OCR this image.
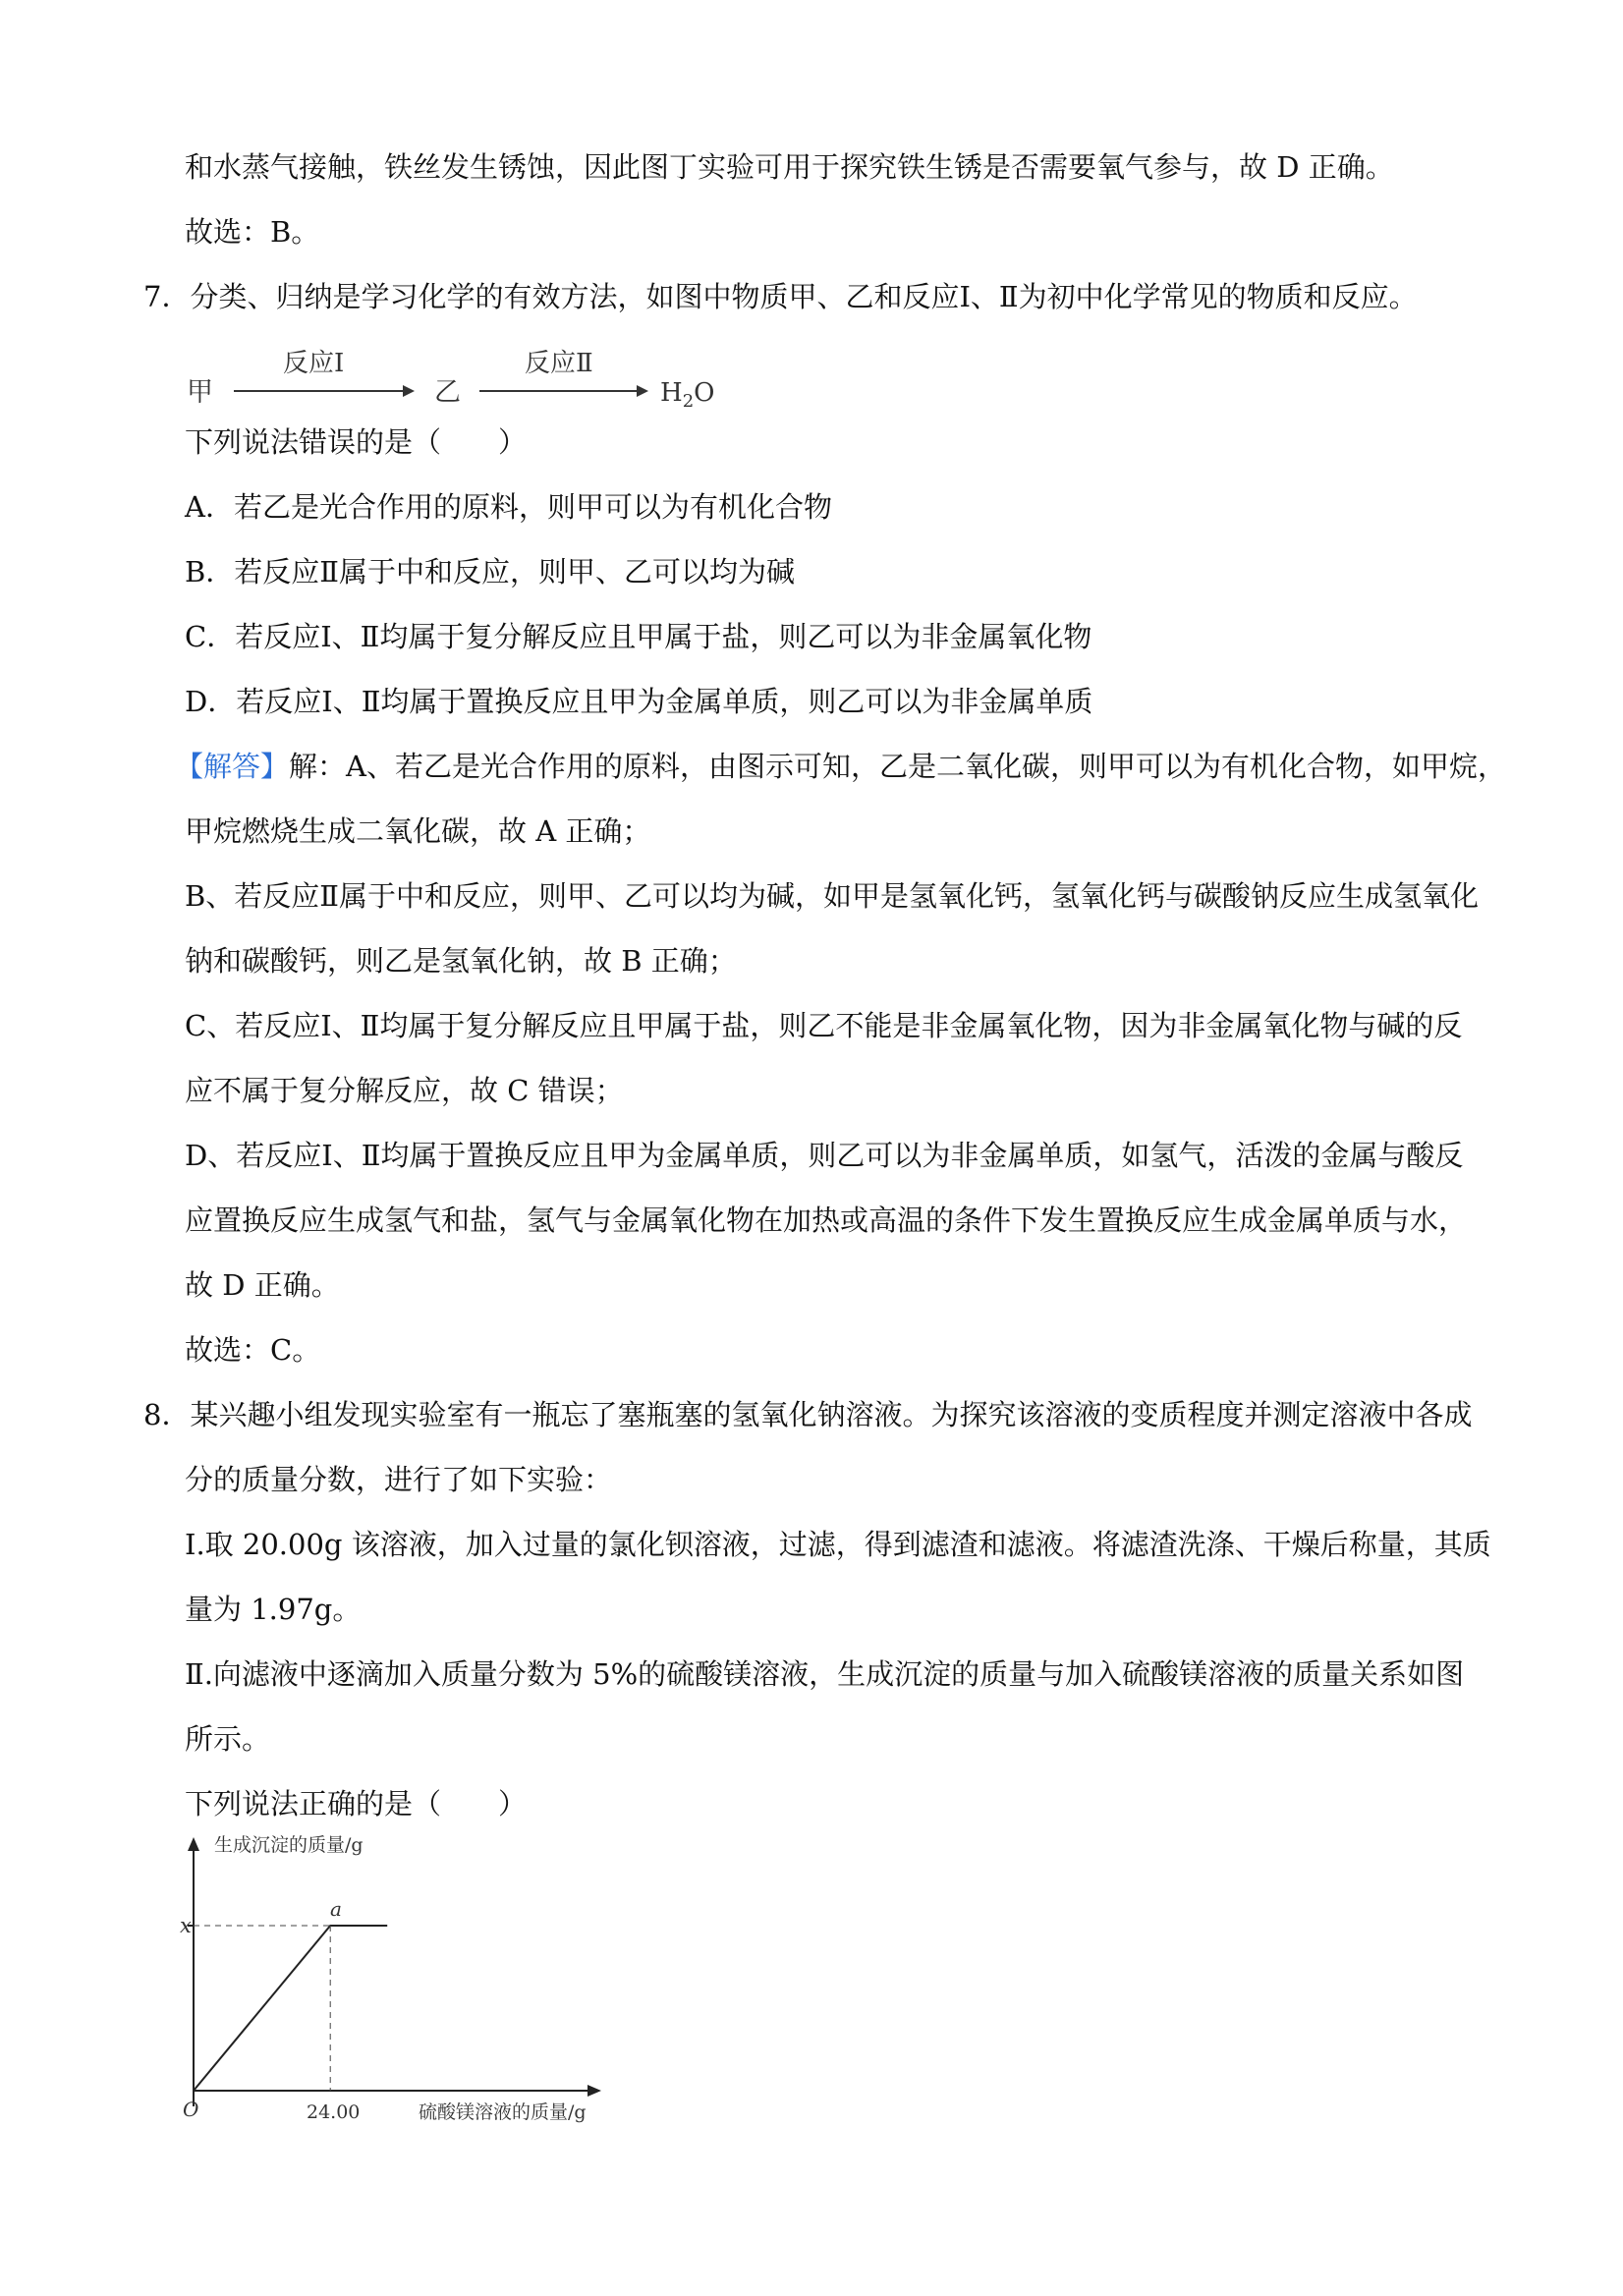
和水蒸气接触，铁丝发生锈蚀，因此图丁实验可用于探究铁生锈是否需要氧气参与，故 D 正确。
故选：B。
7．分类、归纳是学习化学的有效方法，如图中物质甲、乙和反应Ⅰ、Ⅱ为初中化学常见的物质和反应。
甲
反应Ⅰ
乙
反应Ⅱ
$H_2O$
下列说法错误的是（　　）
A．若乙是光合作用的原料，则甲可以为有机化合物
B．若反应Ⅱ属于中和反应，则甲、乙可以均为碱
C．若反应Ⅰ、Ⅱ均属于复分解反应且甲属于盐，则乙可以为非金属氧化物
D．若反应Ⅰ、Ⅱ均属于置换反应且甲为金属单质，则乙可以为非金属单质
【解答】解：A、若乙是光合作用的原料，由图示可知，乙是二氧化碳，则甲可以为有机化合物，如甲烷，
甲烷燃烧生成二氧化碳，故 A 正确；
B、若反应Ⅱ属于中和反应，则甲、乙可以均为碱，如甲是氢氧化钙，氢氧化钙与碳酸钠反应生成氢氧化
钠和碳酸钙，则乙是氢氧化钠，故 B 正确；
C、若反应Ⅰ、Ⅱ均属于复分解反应且甲属于盐，则乙不能是非金属氧化物，因为非金属氧化物与碱的反
应不属于复分解反应，故 C 错误；
D、若反应Ⅰ、Ⅱ均属于置换反应且甲为金属单质，则乙可以为非金属单质，如氢气，活泼的金属与酸反
应置换反应生成氢气和盐，氢气与金属氧化物在加热或高温的条件下发生置换反应生成金属单质与水，
故 D 正确。
故选：C。
8．某兴趣小组发现实验室有一瓶忘了塞瓶塞的氢氧化钠溶液。为探究该溶液的变质程度并测定溶液中各成
分的质量分数，进行了如下实验：
Ⅰ.取 20.00g 该溶液，加入过量的氯化钡溶液，过滤，得到滤渣和滤液。将滤渣洗涤、干燥后称量，其质
量为 1.97g。
Ⅱ.向滤液中逐滴加入质量分数为 5%的硫酸镁溶液，生成沉淀的质量与加入硫酸镁溶液的质量关系如图
所示。
下列说法正确的是（　　）
生成沉淀的质量/g
硫酸镁溶液的质量/g
O
x
24.00
a
